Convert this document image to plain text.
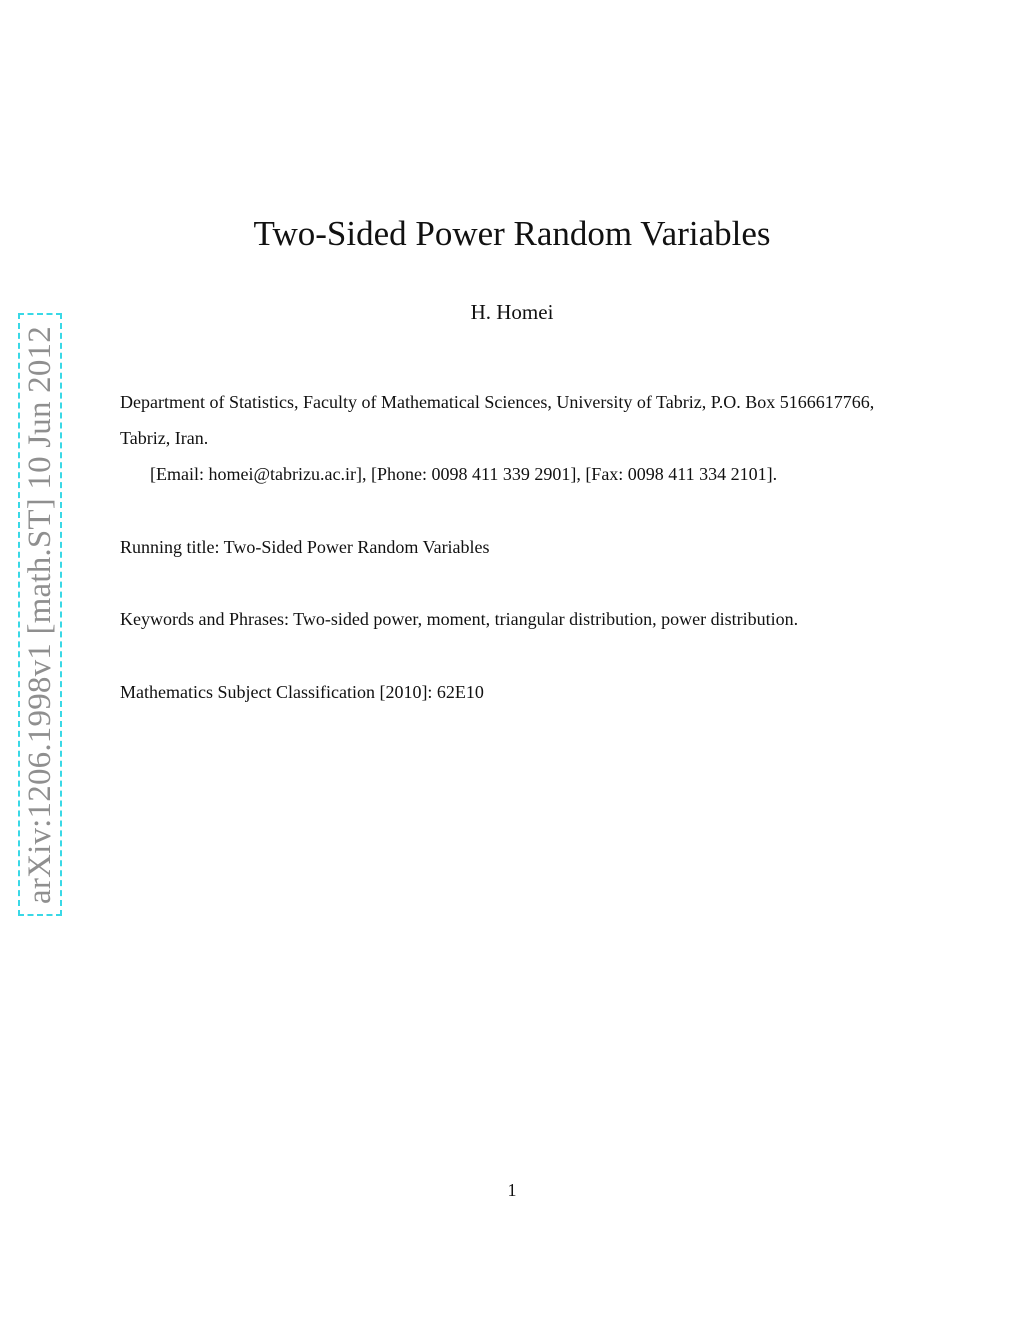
arXiv:1206.1998v1 [math.ST] 10 Jun 2012
Two-Sided Power Random Variables
H. Homei
Department of Statistics, Faculty of Mathematical Sciences, University of Tabriz, P.O. Box 5166617766,
Tabriz, Iran.
[Email: homei@tabrizu.ac.ir], [Phone: 0098 411 339 2901], [Fax: 0098 411 334 2101].
Running title: Two-Sided Power Random Variables
Keywords and Phrases: Two-sided power, moment, triangular distribution, power distribution.
Mathematics Subject Classification [2010]: 62E10
1
